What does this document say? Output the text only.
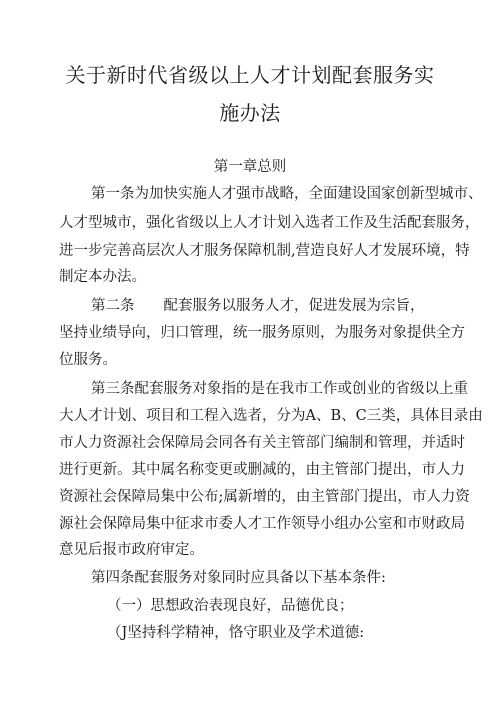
关于新时代省级以上人才计划配套服务实
施办法
第一章总则
第一条为加快实施人才强市战略，全面建设国家创新型城市、
人才型城市，强化省级以上人才计划入选者工作及生活配套服务，
进一步完善高层次人才服务保障机制,营造良好人才发展环境，特
制定本办法。
第二条　　配套服务以服务人才，促进发展为宗旨，
坚持业绩导向，归口管理，统一服务原则，为服务对象提供全方
位服务。
第三条配套服务对象指的是在我市工作或创业的省级以上重
大人才计划、项目和工程入选者，分为A、B、C三类，具体目录由
市人力资源社会保障局会同各有关主管部门编制和管理，并适时
进行更新。其中属名称变更或删减的，由主管部门提出，市人力
资源社会保障局集中公布;属新增的，由主管部门提出，市人力资
源社会保障局集中征求市委人才工作领导小组办公室和市财政局
意见后报市政府审定。
第四条配套服务对象同时应具备以下基本条件:
（一）思想政治表现良好，品德优良；
（J坚持科学精神，恪守职业及学术道德:
